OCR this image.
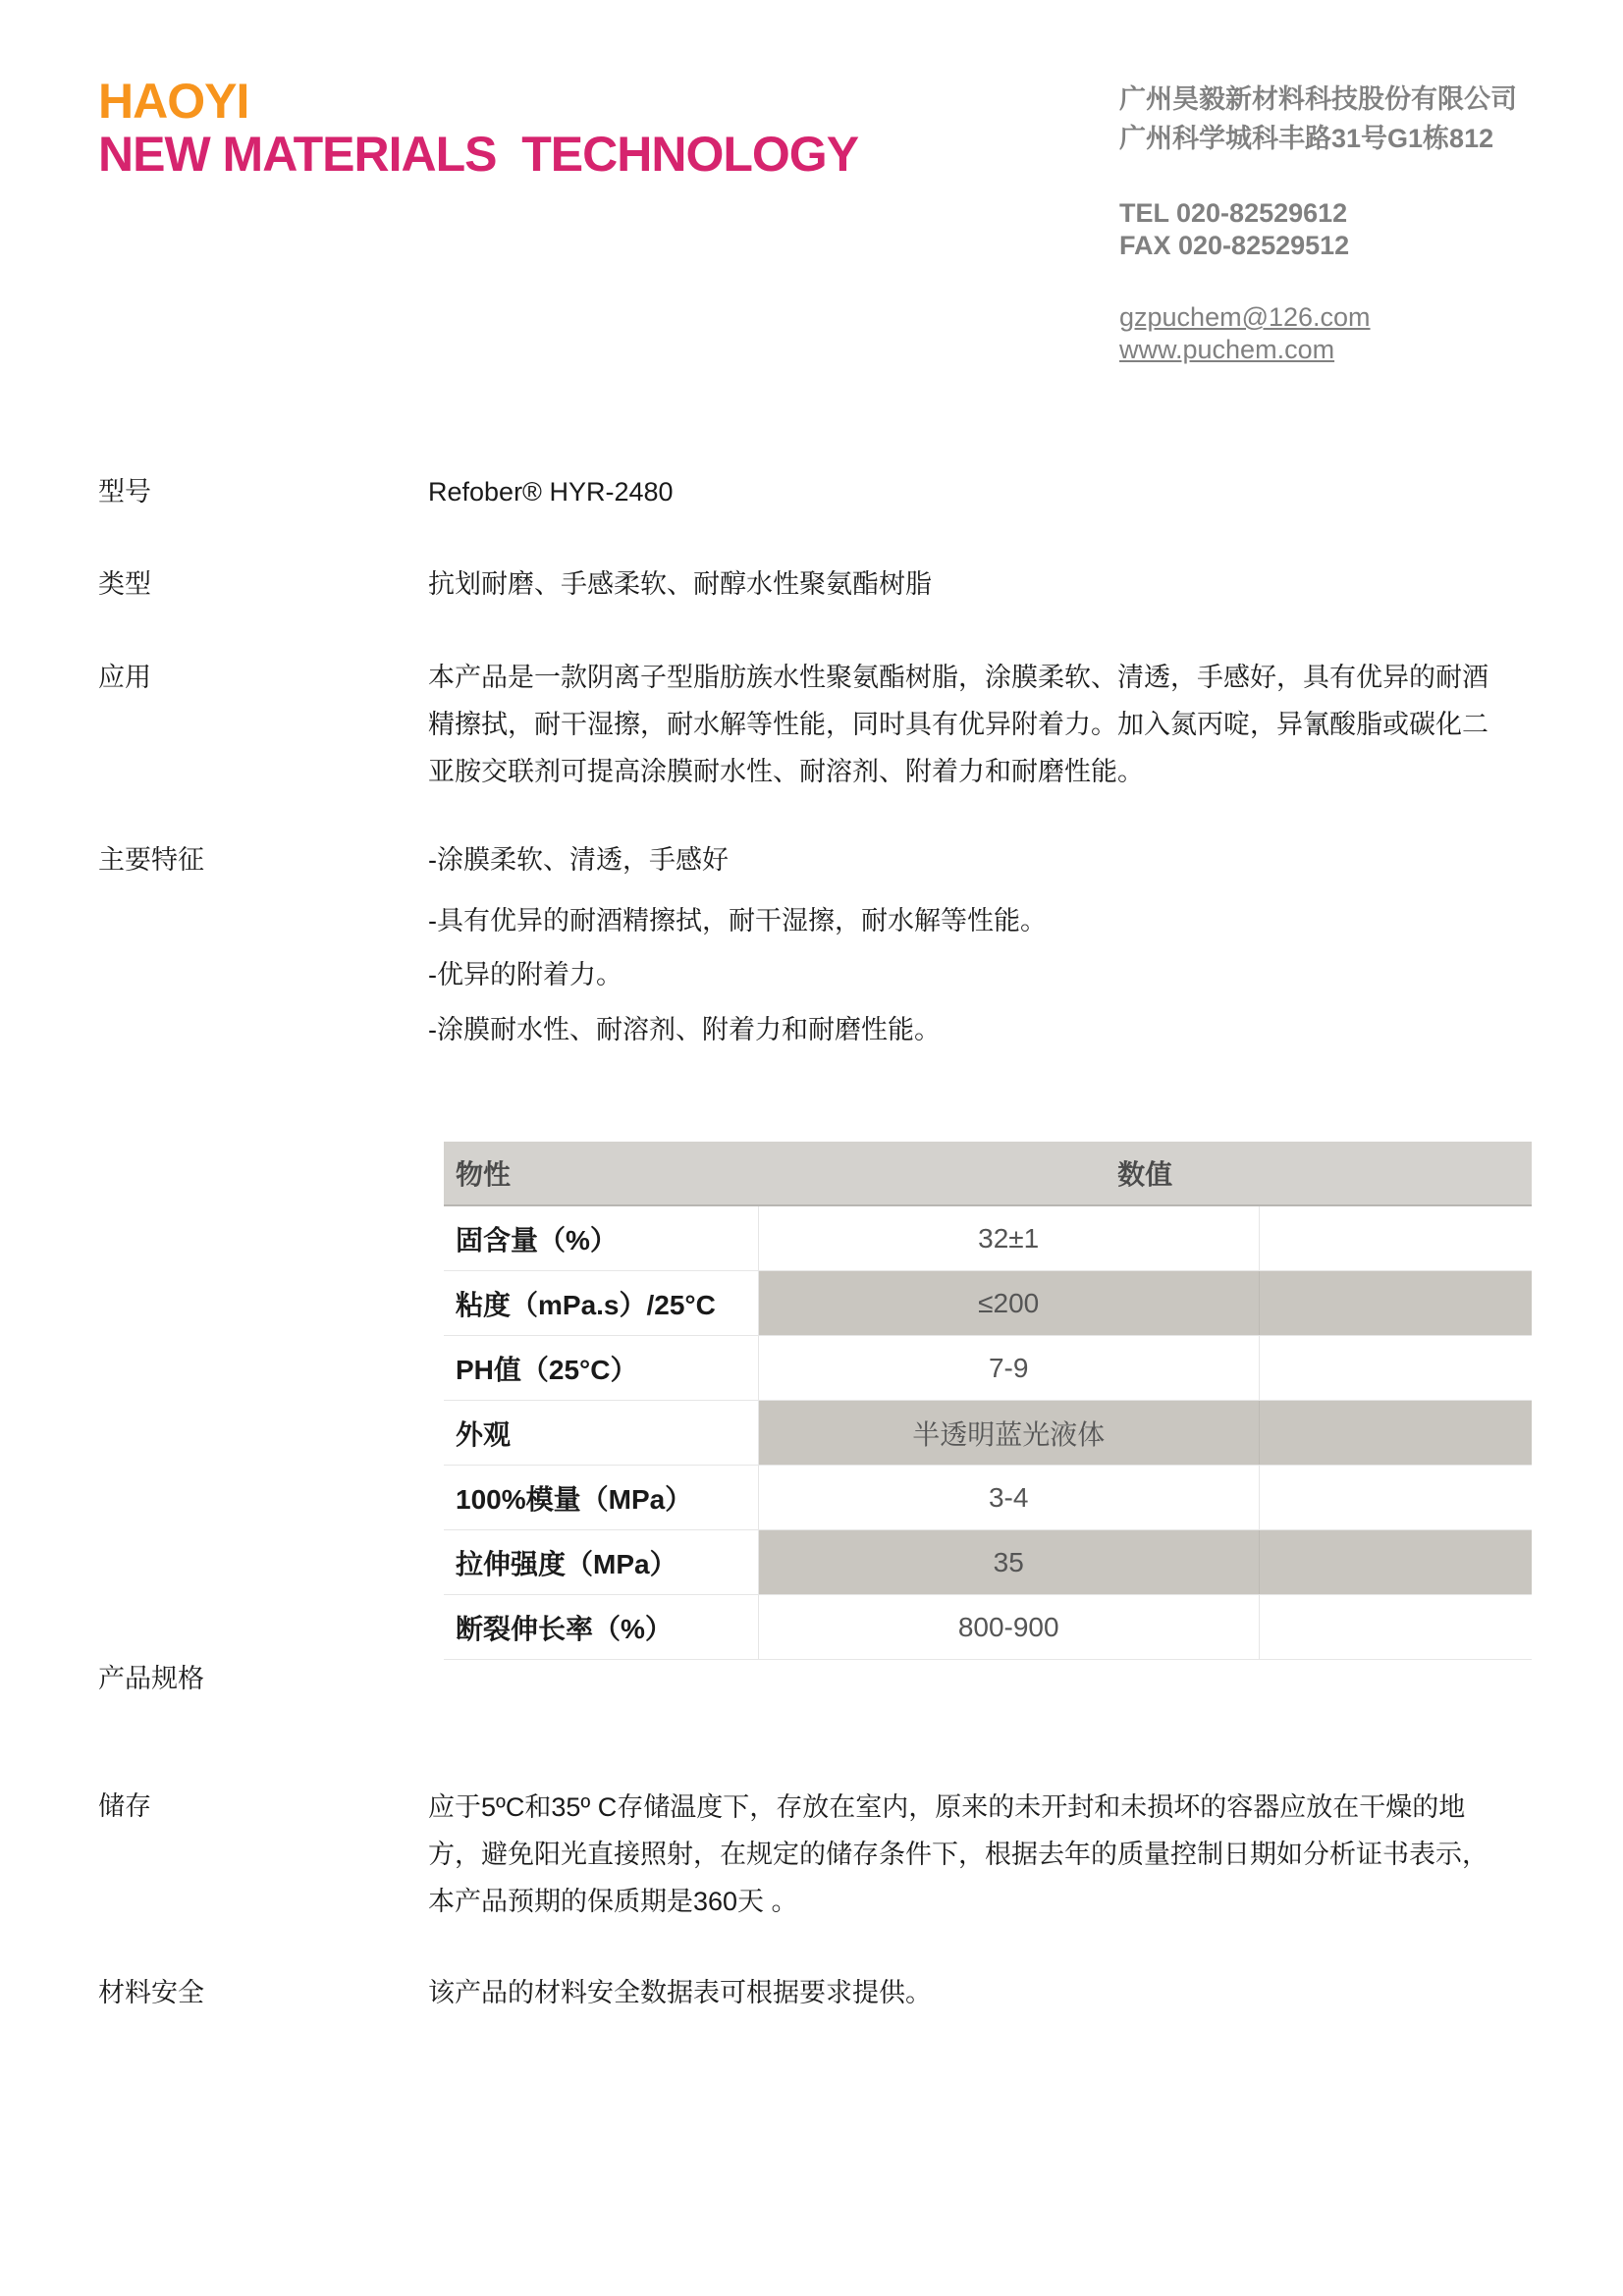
HAOYI
NEW MATERIALS  TECHNOLOGY
广州昊毅新材料科技股份有限公司
广州科学城科丰路31号G1栋812
TEL 020-82529612
FAX 020-82529512
gzpuchem@126.com
www.puchem.com
型号	Refober® HYR-2480
类型	抗划耐磨、手感柔软、耐醇水性聚氨酯树脂
应用	本产品是一款阴离子型脂肪族水性聚氨酯树脂，涂膜柔软、清透，手感好，具有优异的耐酒
精擦拭，耐干湿擦，耐水解等性能，同时具有优异附着力。加入氮丙啶，异氰酸脂或碳化二
亚胺交联剂可提高涂膜耐水性、耐溶剂、附着力和耐磨性能。
主要特征	-涂膜柔软、清透，手感好
-具有优异的耐酒精擦拭，耐干湿擦，耐水解等性能。
-优异的附着力。
-涂膜耐水性、耐溶剂、附着力和耐磨性能。
物性	数值	
固含量（%）	32±1	
粘度（mPa.s）/25°C	≤200	
PH值（25°C）	7-9	
外观	半透明蓝光液体	
100%模量（MPa）	3-4	
拉伸强度（MPa）	35	
断裂伸长率（%）	800-900	
产品规格
储存	应于5ºC和35º C存储温度下，存放在室内，原来的未开封和未损坏的容器应放在干燥的地
方，避免阳光直接照射，在规定的储存条件下，根据去年的质量控制日期如分析证书表示，
本产品预期的保质期是360天 。
材料安全	该产品的材料安全数据表可根据要求提供。
